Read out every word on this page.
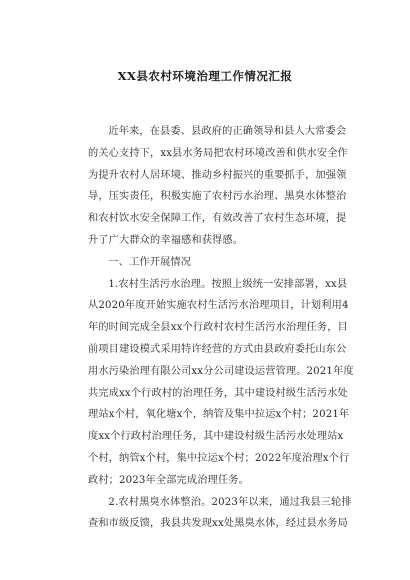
XX县农村环境治理工作情况汇报
近年来，在县委、县政府的正确领导和县人大常委会
的关心支持下，xx县水务局把农村环境改善和供水安全作
为提升农村人居环境、推动乡村振兴的重要抓手，加强领
导，压实责任，积极实施了农村污水治理、黑臭水体整治
和农村饮水安全保障工作，有效改善了农村生态环境，提
升了广大群众的幸福感和获得感。
一、工作开展情况
1.农村生活污水治理。按照上级统一安排部署，xx县
从2020年度开始实施农村生活污水治理项目，计划利用4
年的时间完成全县xx个行政村农村生活污水治理任务，目
前项目建设模式采用特许经营的方式由县政府委托山东公
用水污染治理有限公司xx分公司建设运营管理。2021年度
共完成xx个行政村的治理任务，其中建设村级生活污水处
理站x个村，氧化塘x个，纳管及集中拉运x个村；2021年
度xx个行政村治理任务，其中建设村级生活污水处理站x
个村，纳管x个村，集中拉运x个村；2022年度治理x个行
政村；2023年全部完成治理任务。
2.农村黑臭水体整治。2023年以来，通过我县三轮排
查和市级反馈，我县共发现xx处黑臭水体，经过县水务局
